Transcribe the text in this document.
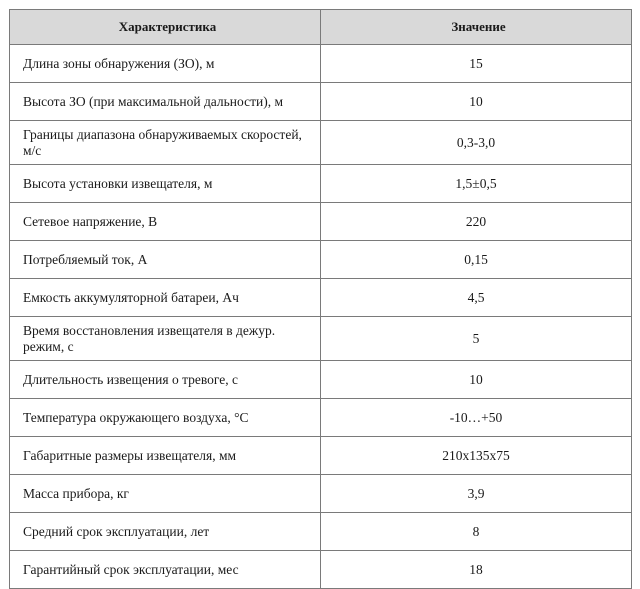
Характеристика	Значение
Длина зоны обнаружения (ЗО), м	15
Высота ЗО (при максимальной дальности), м	10
Границы диапазона обнаруживаемых скоростей, м/с	0,3-3,0
Высота установки извещателя, м	1,5±0,5
Сетевое напряжение, В	220
Потребляемый ток, А	0,15
Емкость аккумуляторной батареи, Ач	4,5
Время восстановления извещателя в дежур. режим, с	5
Длительность извещения о тревоге, с	10
Температура окружающего воздуха, °С	-10…+50
Габаритные размеры извещателя, мм	210x135x75
Масса прибора, кг	3,9
Средний срок эксплуатации, лет	8
Гарантийный срок эксплуатации, мес	18
